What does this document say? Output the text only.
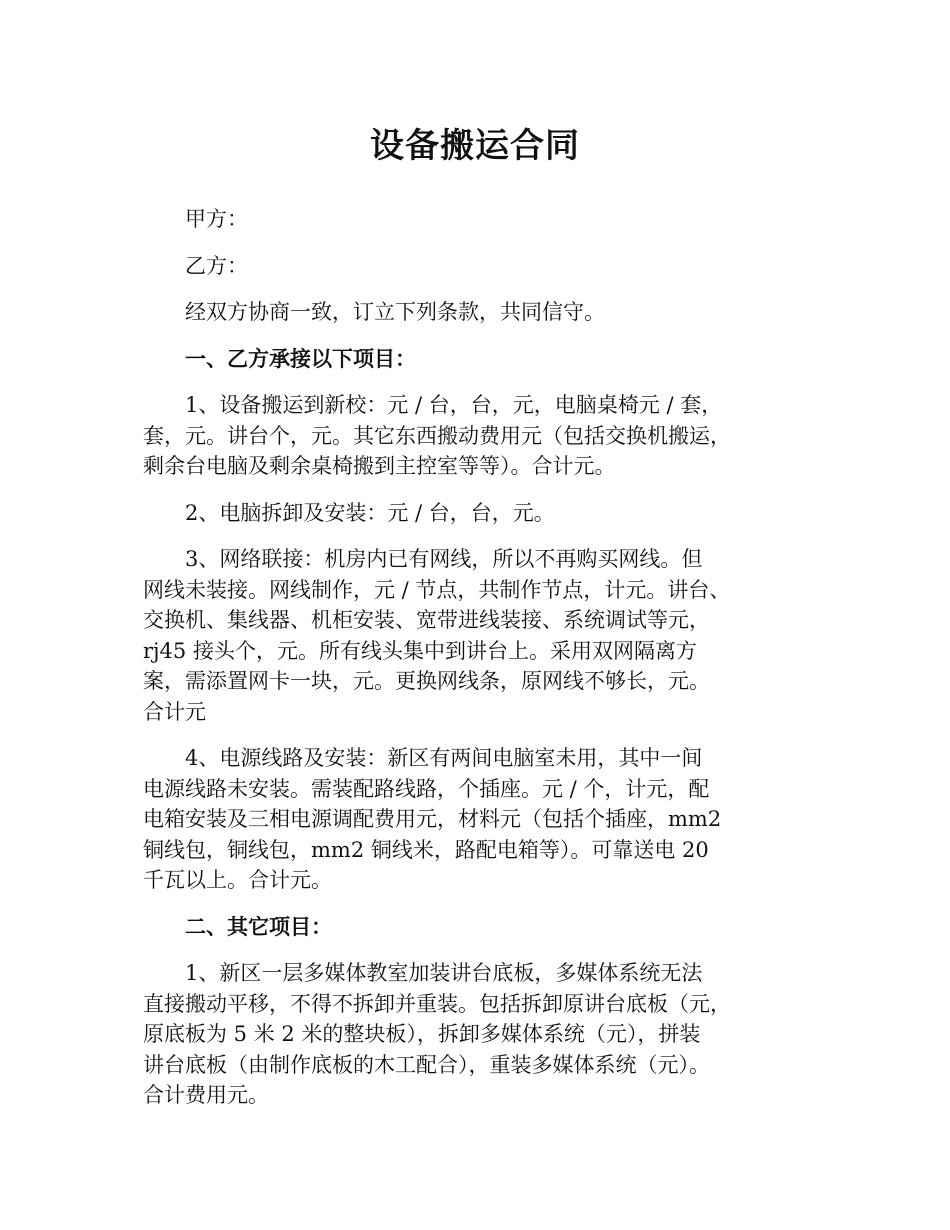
设备搬运合同

甲方：

乙方：

经双方协商一致，订立下列条款，共同信守。

一、乙方承接以下项目：

1、设备搬运到新校：元 / 台，台，元，电脑桌椅元 / 套，
套，元。讲台个，元。其它东西搬动费用元（包括交换机搬运，
剩余台电脑及剩余桌椅搬到主控室等等）。合计元。

2、电脑拆卸及安装：元 / 台，台，元。

3、网络联接：机房内已有网线，所以不再购买网线。但
网线未装接。网线制作，元 / 节点，共制作节点，计元。讲台、
交换机、集线器、机柜安装、宽带进线装接、系统调试等元，
rj45 接头个，元。所有线头集中到讲台上。采用双网隔离方
案，需添置网卡一块，元。更换网线条，原网线不够长，元。
合计元

4、电源线路及安装：新区有两间电脑室未用，其中一间
电源线路未安装。需装配路线路，个插座。元 / 个，计元，配
电箱安装及三相电源调配费用元，材料元（包括个插座，mm2
铜线包，铜线包，mm2 铜线米，路配电箱等）。可靠送电 20
千瓦以上。合计元。

二、其它项目：

1、新区一层多媒体教室加装讲台底板，多媒体系统无法
直接搬动平移，不得不拆卸并重装。包括拆卸原讲台底板（元，
原底板为 5 米 2 米的整块板），拆卸多媒体系统（元），拼装
讲台底板（由制作底板的木工配合），重装多媒体系统（元）。
合计费用元。
